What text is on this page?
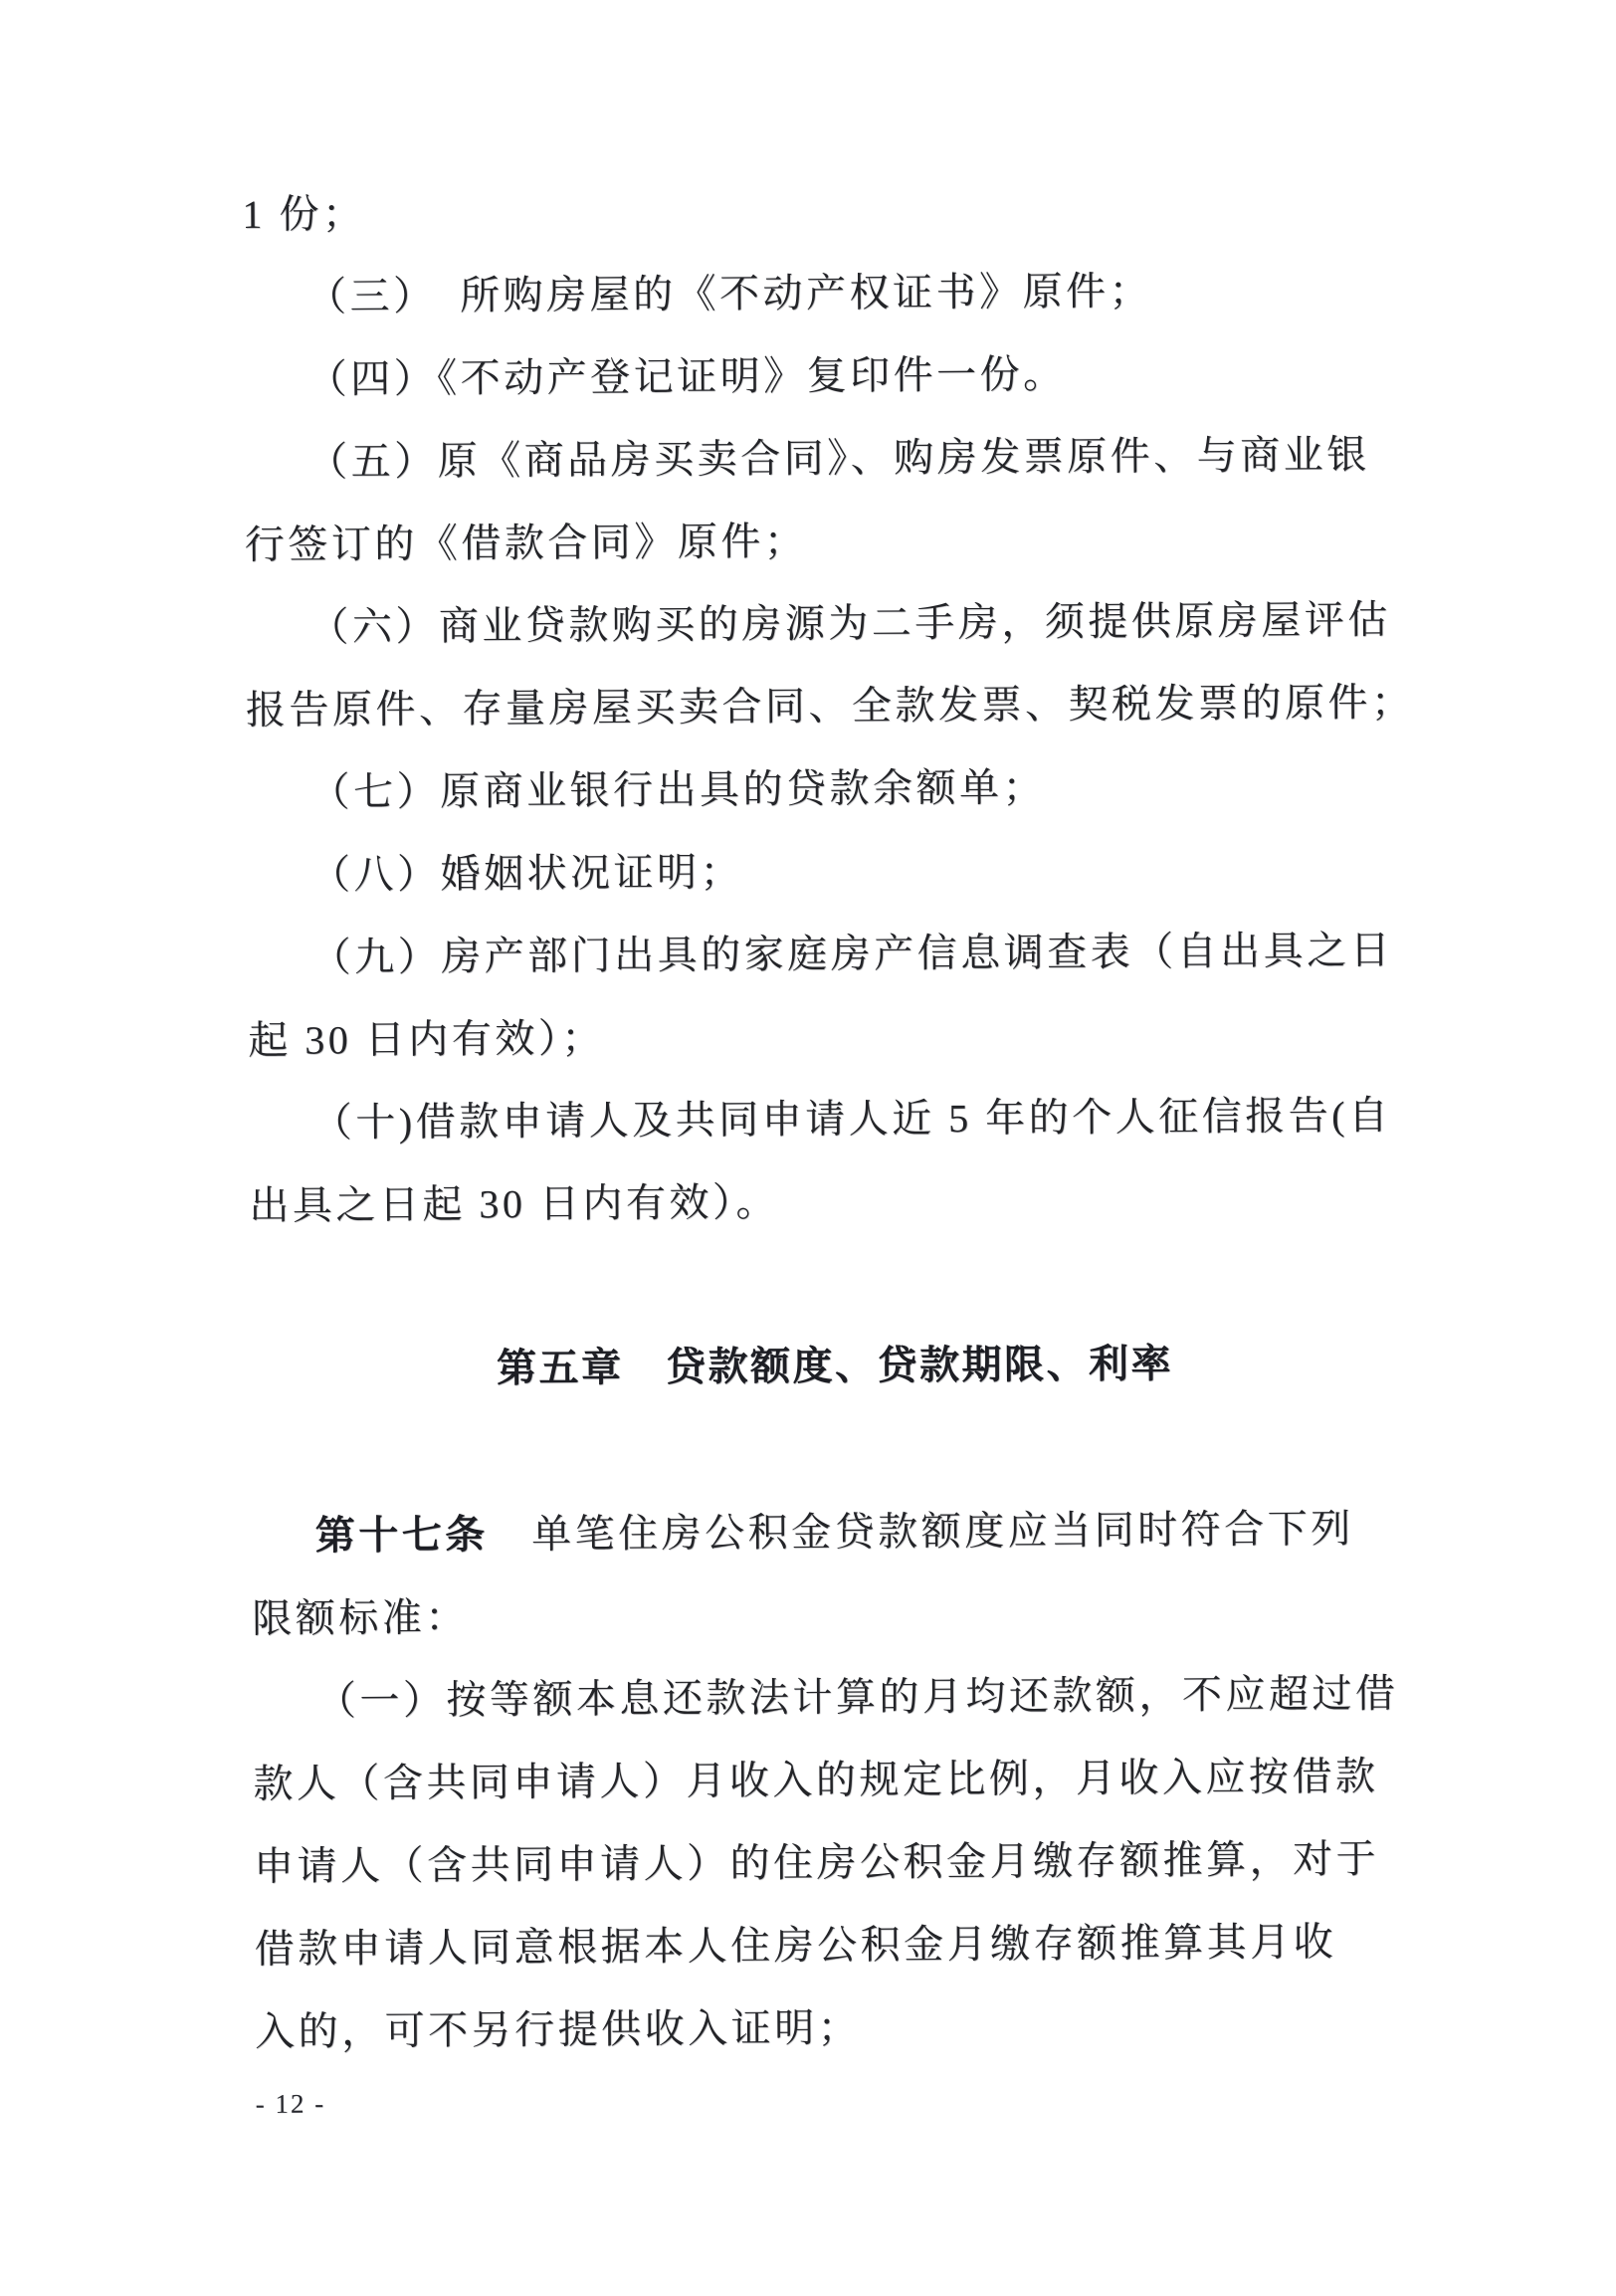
1 份；
（三）　所购房屋的《不动产权证书》原件；
（四）《不动产登记证明》复印件一份。
（五）原《商品房买卖合同》、购房发票原件、与商业银
行签订的《借款合同》原件；
（六）商业贷款购买的房源为二手房，须提供原房屋评估
报告原件、存量房屋买卖合同、全款发票、契税发票的原件；
（七）原商业银行出具的贷款余额单；
（八）婚姻状况证明；
（九）房产部门出具的家庭房产信息调查表（自出具之日
起 30 日内有效）；
（十)借款申请人及共同申请人近 5 年的个人征信报告(自
出具之日起 30 日内有效）。
第五章　贷款额度、贷款期限、利率
第十七条　单笔住房公积金贷款额度应当同时符合下列
限额标准：
（一）按等额本息还款法计算的月均还款额，不应超过借
款人（含共同申请人）月收入的规定比例，月收入应按借款
申请人（含共同申请人）的住房公积金月缴存额推算，对于
借款申请人同意根据本人住房公积金月缴存额推算其月收
入的，可不另行提供收入证明；
- 12 -
